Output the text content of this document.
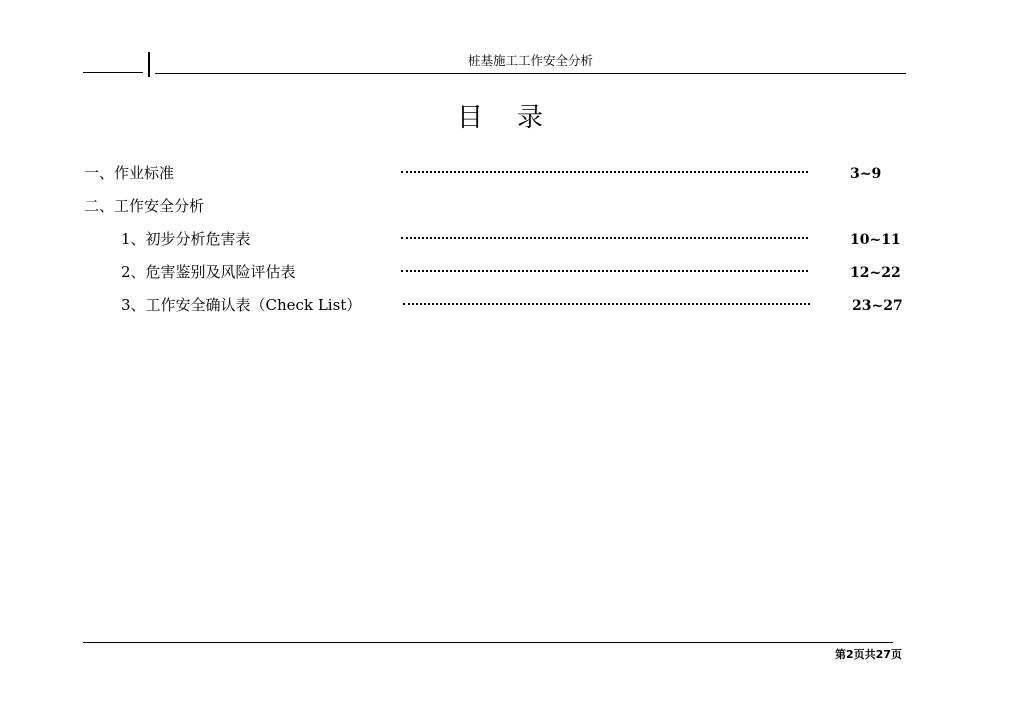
桩基施工工作安全分析
目录
一、作业标准	3~9
二、工作安全分析
1、初步分析危害表	10~11
2、危害鉴别及风险评估表	12~22
3、工作安全确认表（Check List）	23~27
第2页共27页
